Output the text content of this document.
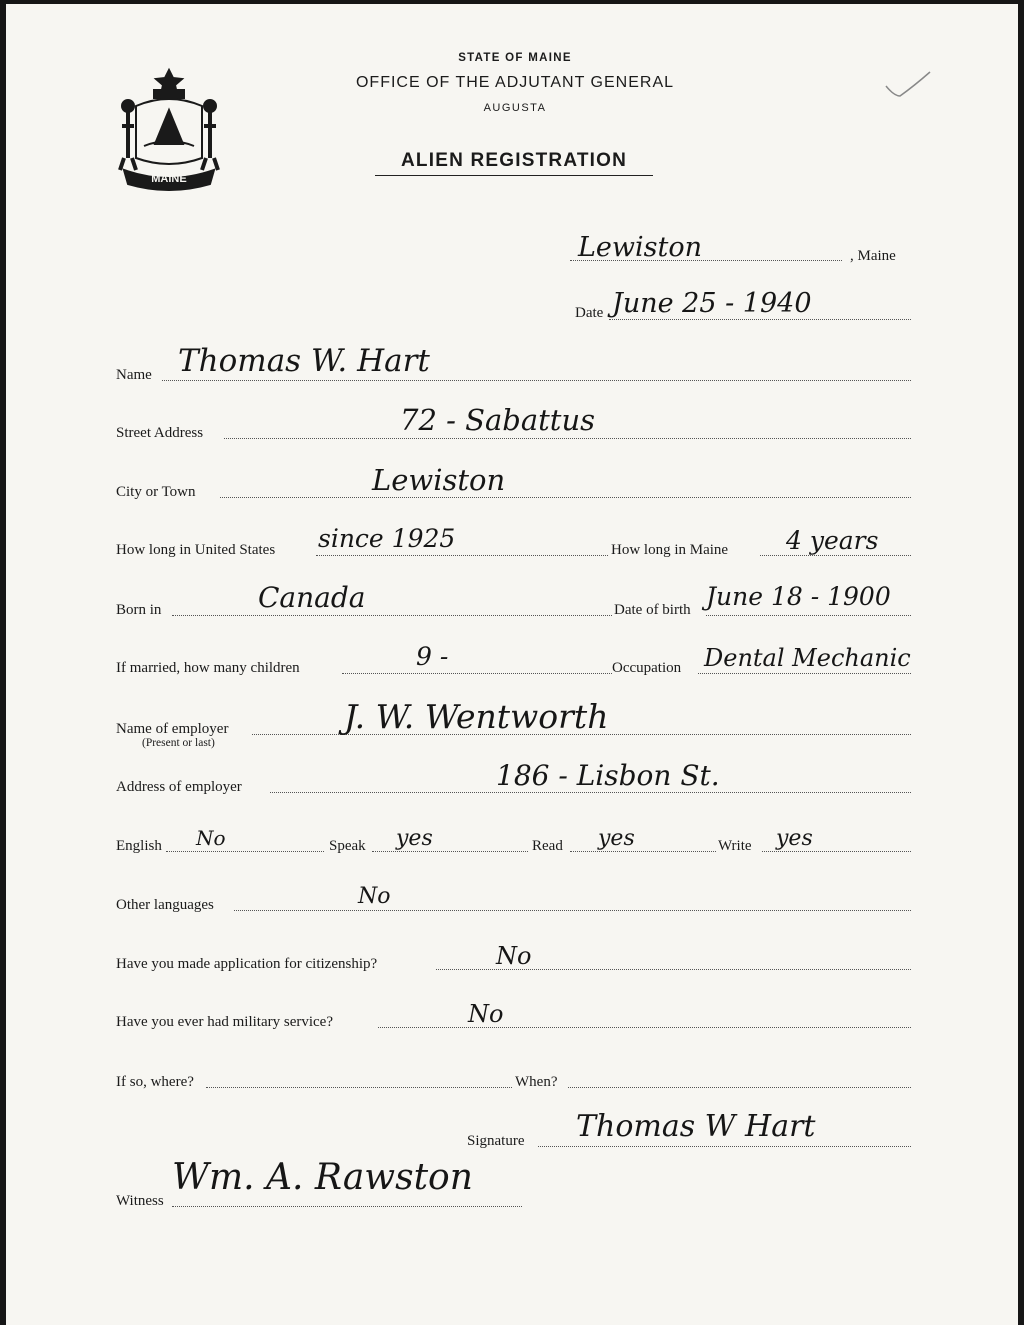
MAINE
STATE OF MAINE
OFFICE OF THE ADJUTANT GENERAL
AUGUSTA
ALIEN REGISTRATION
Lewiston	, Maine
Date June 25 - 1940
Name Thomas W. Hart
Street Address	72 - Sabattus
City or Town	Lewiston
How long in United States since 1925	How long in Maine 4 years
Born in	Canada	Date of birth June 18 - 1900
If married, how many children	9 -	Occupation Dental Mechanic
Name of employer
(Present or last)
J. W. Wentworth
Address of employer	186 - Lisbon St.
English No	Speak yes	Read yes	Write yes
Other languages	No
Have you made application for citizenship?	No
Have you ever had military service?	No
If so, where?	When?
Signature Thomas W Hart
Witness
Wm. A. Rawston
